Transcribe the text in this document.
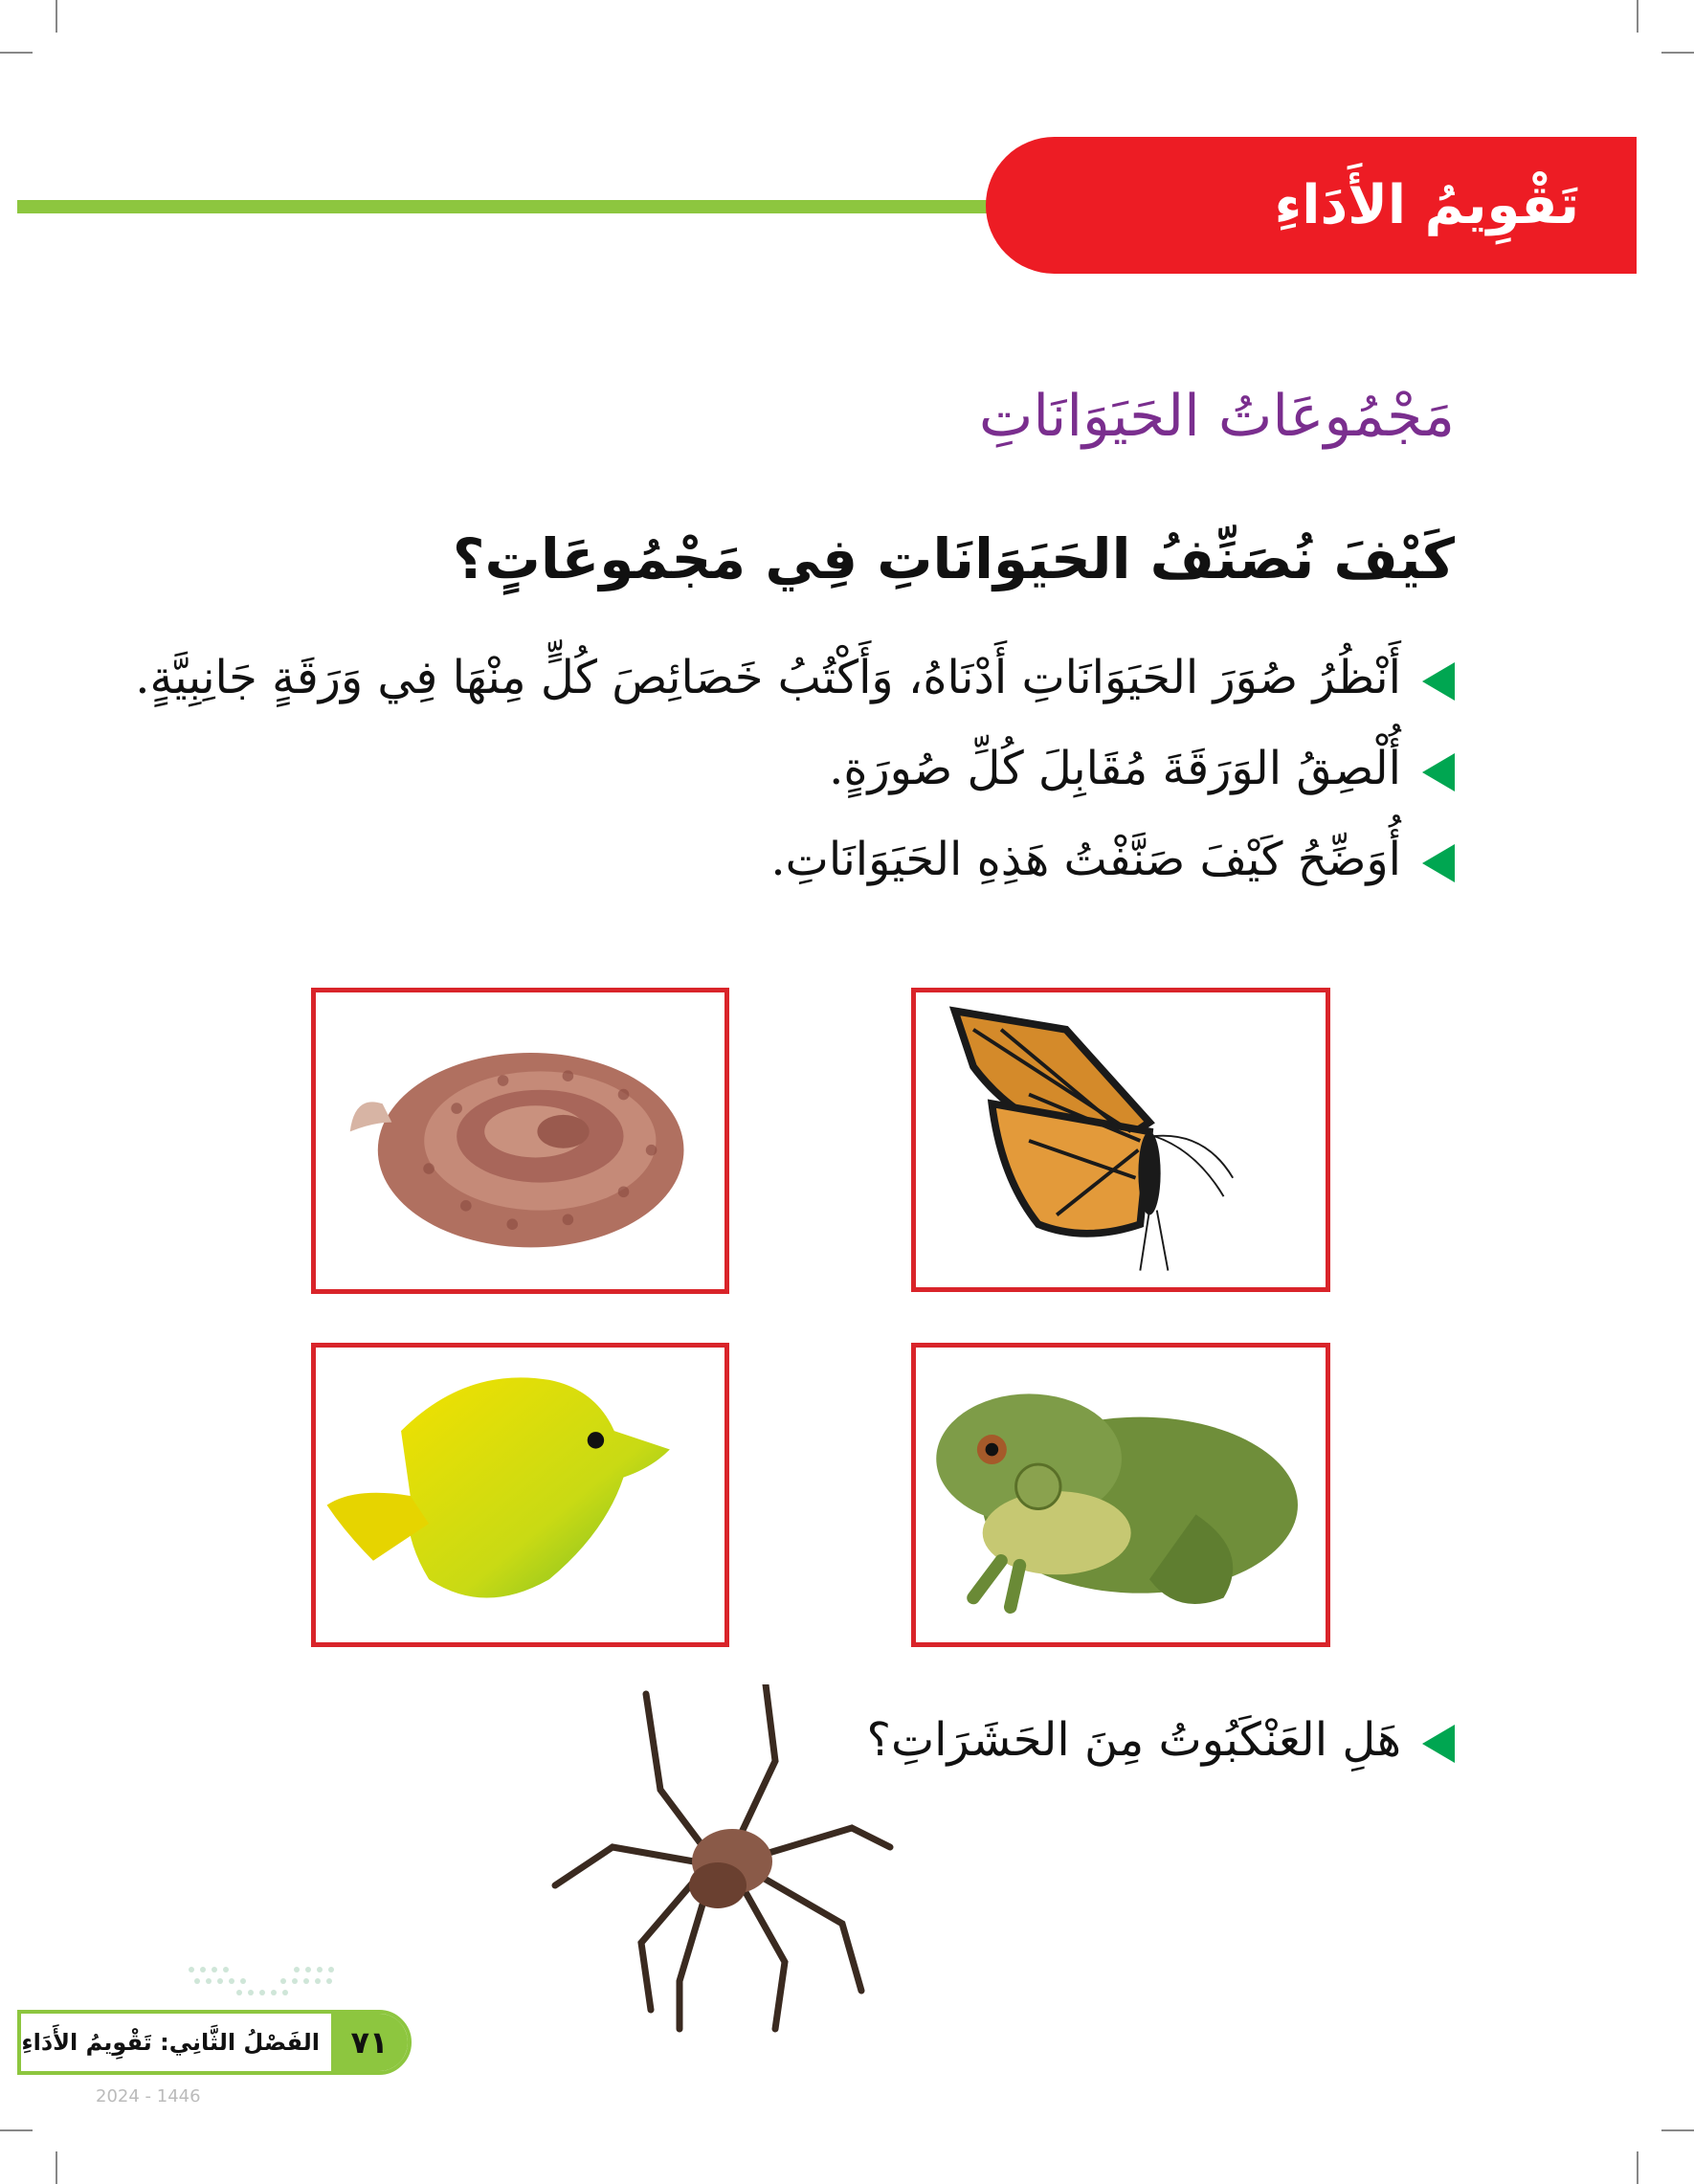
تَقْوِيمُ الأَدَاءِ
مَجْمُوعَاتُ الحَيَوَانَاتِ
كَيْفَ نُصَنِّفُ الحَيَوَانَاتِ فِي مَجْمُوعَاتٍ؟
أَنْظُرُ صُوَرَ الحَيَوَانَاتِ أَدْنَاهُ، وَأَكْتُبُ خَصَائِصَ كُلٍّ مِنْهَا فِي وَرَقَةٍ جَانِبِيَّةٍ.
أُلْصِقُ الوَرَقَةَ مُقَابِلَ كُلِّ صُورَةٍ.
أُوَضِّحُ كَيْفَ صَنَّفْتُ هَذِهِ الحَيَوَانَاتِ.
هَلِ العَنْكَبُوتُ مِنَ الحَشَرَاتِ؟
٧١
الفَصْلُ الثَّانِي: تَقْوِيمُ الأَدَاءِ
2024 - 1446
